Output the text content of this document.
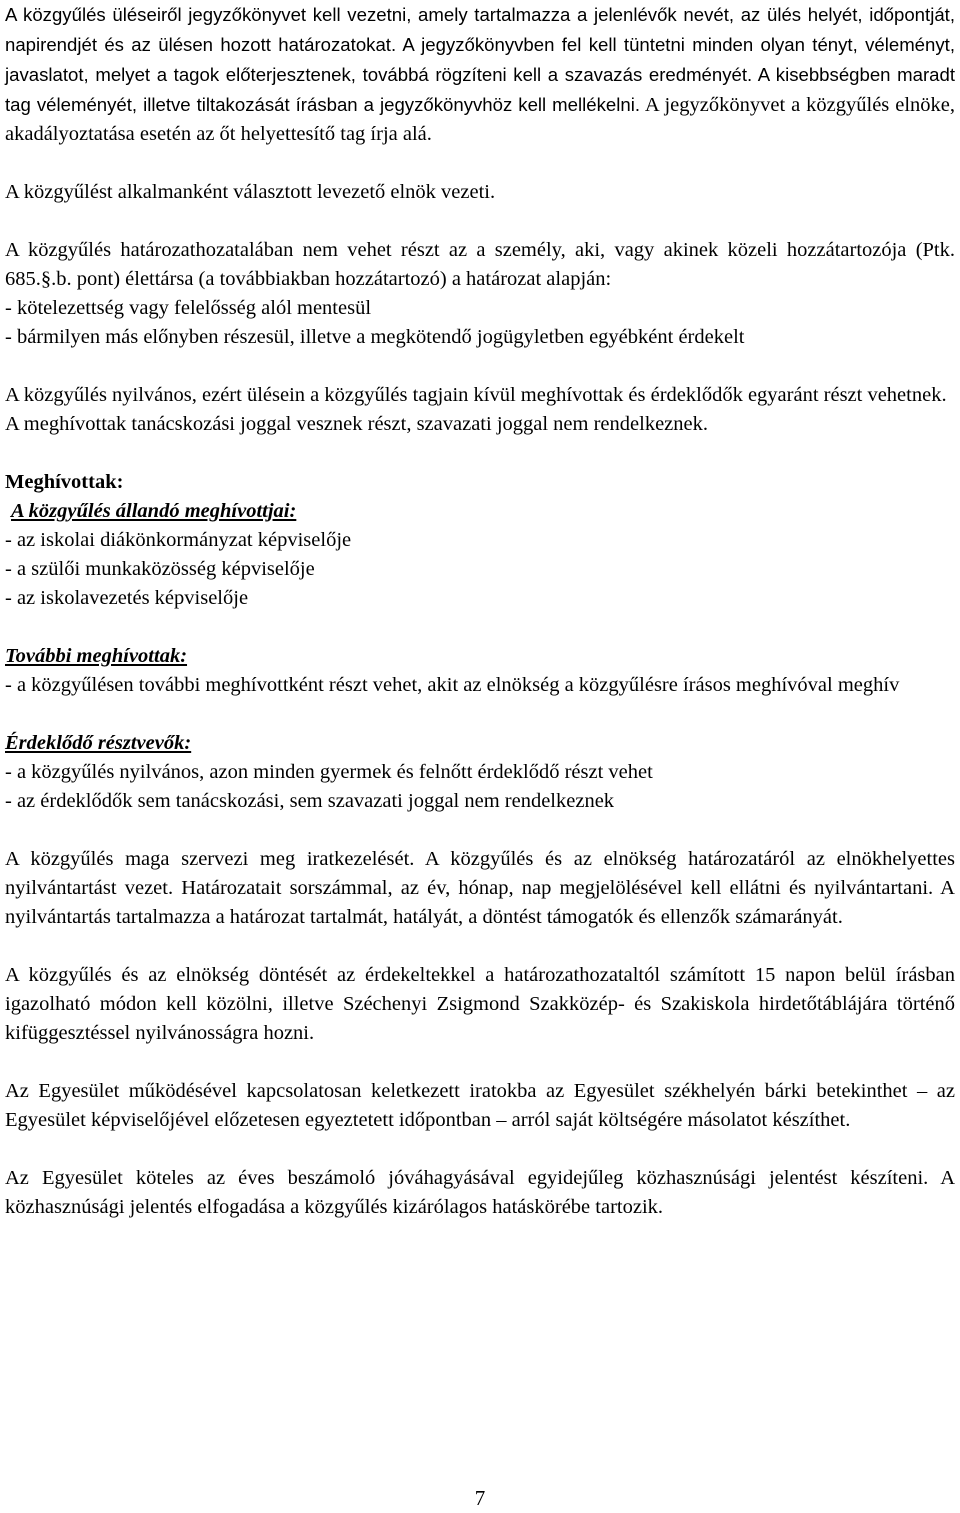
A közgyűlés üléseiről jegyzőkönyvet kell vezetni, amely tartalmazza a jelenlévők nevét, az ülés helyét, időpontját, napirendjét és az ülésen hozott határozatokat. A jegyzőkönyvben fel kell tüntetni minden olyan tényt, véleményt, javaslatot, melyet a tagok előterjesztenek, továbbá rögzíteni kell a szavazás eredményét. A kisebbségben maradt tag véleményét, illetve tiltakozását írásban a jegyzőkönyvhöz kell mellékelni. A jegyzőkönyvet a közgyűlés elnöke, akadályoztatása esetén az őt helyettesítő tag írja alá.

A közgyűlést alkalmanként választott levezető elnök vezeti.

A közgyűlés határozathozatalában nem vehet részt az a személy, aki, vagy akinek közeli hozzátartozója (Ptk. 685.§.b. pont) élettársa (a továbbiakban hozzátartozó) a határozat alapján:

- kötelezettség vagy felelősség alól mentesül
- bármilyen más előnyben részesül, illetve a megkötendő jogügyletben egyébként érdekelt

A közgyűlés nyilvános, ezért ülésein a közgyűlés tagjain kívül meghívottak és érdeklődők egyaránt részt vehetnek.

A meghívottak tanácskozási joggal vesznek részt, szavazati joggal nem rendelkeznek.

Meghívottak:
A közgyűlés állandó meghívottjai:
- az iskolai diákönkormányzat képviselője
- a szülői munkaközösség képviselője
- az iskolavezetés képviselője
További meghívottak:

- a közgyűlésen további meghívottként részt vehet, akit az elnökség a közgyűlésre írásos meghívóval meghív

Érdeklődő résztvevők:
- a közgyűlés nyilvános, azon minden gyermek és felnőtt érdeklődő részt vehet
- az érdeklődők sem tanácskozási, sem szavazati joggal nem rendelkeznek

A közgyűlés maga szervezi meg iratkezelését. A közgyűlés és az elnökség határozatáról az elnökhelyettes nyilvántartást vezet. Határozatait sorszámmal, az év, hónap, nap megjelölésével kell ellátni és nyilvántartani. A nyilvántartás tartalmazza a határozat tartalmát, hatályát, a döntést támogatók és ellenzők számarányát.

A közgyűlés és az elnökség döntését az érdekeltekkel a határozathozataltól számított 15 napon belül írásban igazolható módon kell közölni, illetve Széchenyi Zsigmond Szakközép- és Szakiskola hirdetőtáblájára történő kifüggesztéssel nyilvánosságra hozni.

Az Egyesület működésével kapcsolatosan keletkezett iratokba az Egyesület székhelyén bárki betekinthet – az Egyesület képviselőjével előzetesen egyeztetett időpontban – arról saját költségére másolatot készíthet.

Az Egyesület köteles az éves beszámoló jóváhagyásával egyidejűleg közhasznúsági jelentést készíteni. A közhasznúsági jelentés elfogadása a közgyűlés kizárólagos hatáskörébe tartozik.

7
